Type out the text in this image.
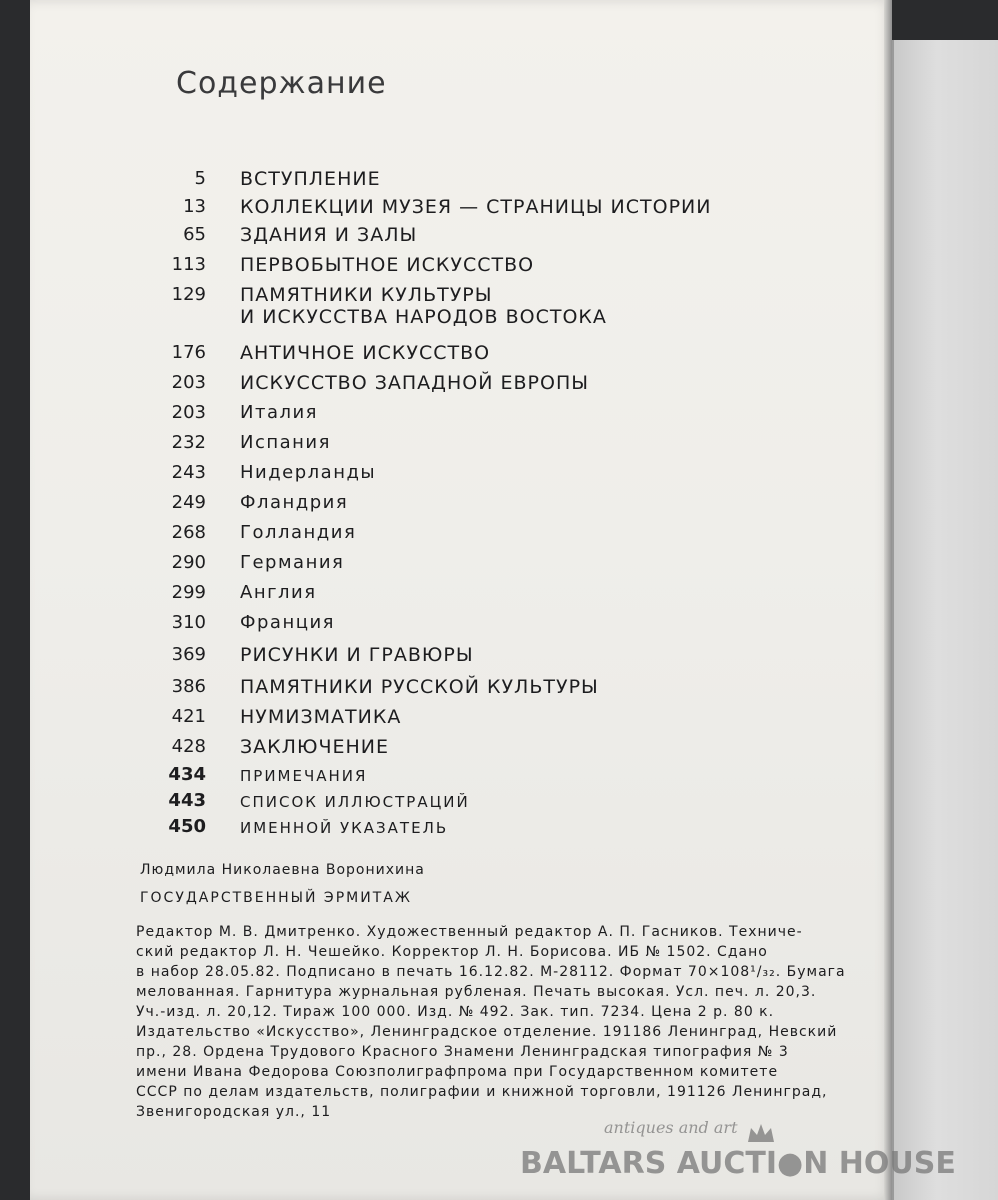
Содержание
5 ВСТУПЛЕНИЕ
13 КОЛЛЕКЦИИ МУЗЕЯ — СТРАНИЦЫ ИСТОРИИ
65 ЗДАНИЯ И ЗАЛЫ
113 ПЕРВОБЫТНОЕ ИСКУССТВО
129 ПАМЯТНИКИ КУЛЬТУРЫ
И ИСКУССТВА НАРОДОВ ВОСТОКА
176 АНТИЧНОЕ ИСКУССТВО
203 ИСКУССТВО ЗАПАДНОЙ ЕВРОПЫ
203 Италия
232 Испания
243 Нидерланды
249 Фландрия
268 Голландия
290 Германия
299 Англия
310 Франция
369 РИСУНКИ И ГРАВЮРЫ
386 ПАМЯТНИКИ РУССКОЙ КУЛЬТУРЫ
421 НУМИЗМАТИКА
428 ЗАКЛЮЧЕНИЕ
434 ПРИМЕЧАНИЯ
443 СПИСОК ИЛЛЮСТРАЦИЙ
450 ИМЕННОЙ УКАЗАТЕЛЬ
Людмила Николаевна Воронихина
ГОСУДАРСТВЕННЫЙ ЭРМИТАЖ
Редактор М. В. Дмитренко. Художественный редактор А. П. Гасников. Техниче-
ский редактор Л. Н. Чешейко. Корректор Л. Н. Борисова. ИБ № 1502. Сдано
в набор 28.05.82. Подписано в печать 16.12.82. М-28112. Формат 70×108¹/₃₂. Бумага
мелованная. Гарнитура журнальная рубленая. Печать высокая. Усл. печ. л. 20,3.
Уч.-изд. л. 20,12. Тираж 100 000. Изд. № 492. Зак. тип. 7234. Цена 2 р. 80 к.
Издательство «Искусство», Ленинградское отделение. 191186 Ленинград, Невский
пр., 28. Ордена Трудового Красного Знамени Ленинградская типография № 3
имени Ивана Федорова Союзполиграфпрома при Государственном комитете
СССР по делам издательств, полиграфии и книжной торговли, 191126 Ленинград,
Звенигородская ул., 11
antiques and art
BALTARS AUCTI●N HOUSE
